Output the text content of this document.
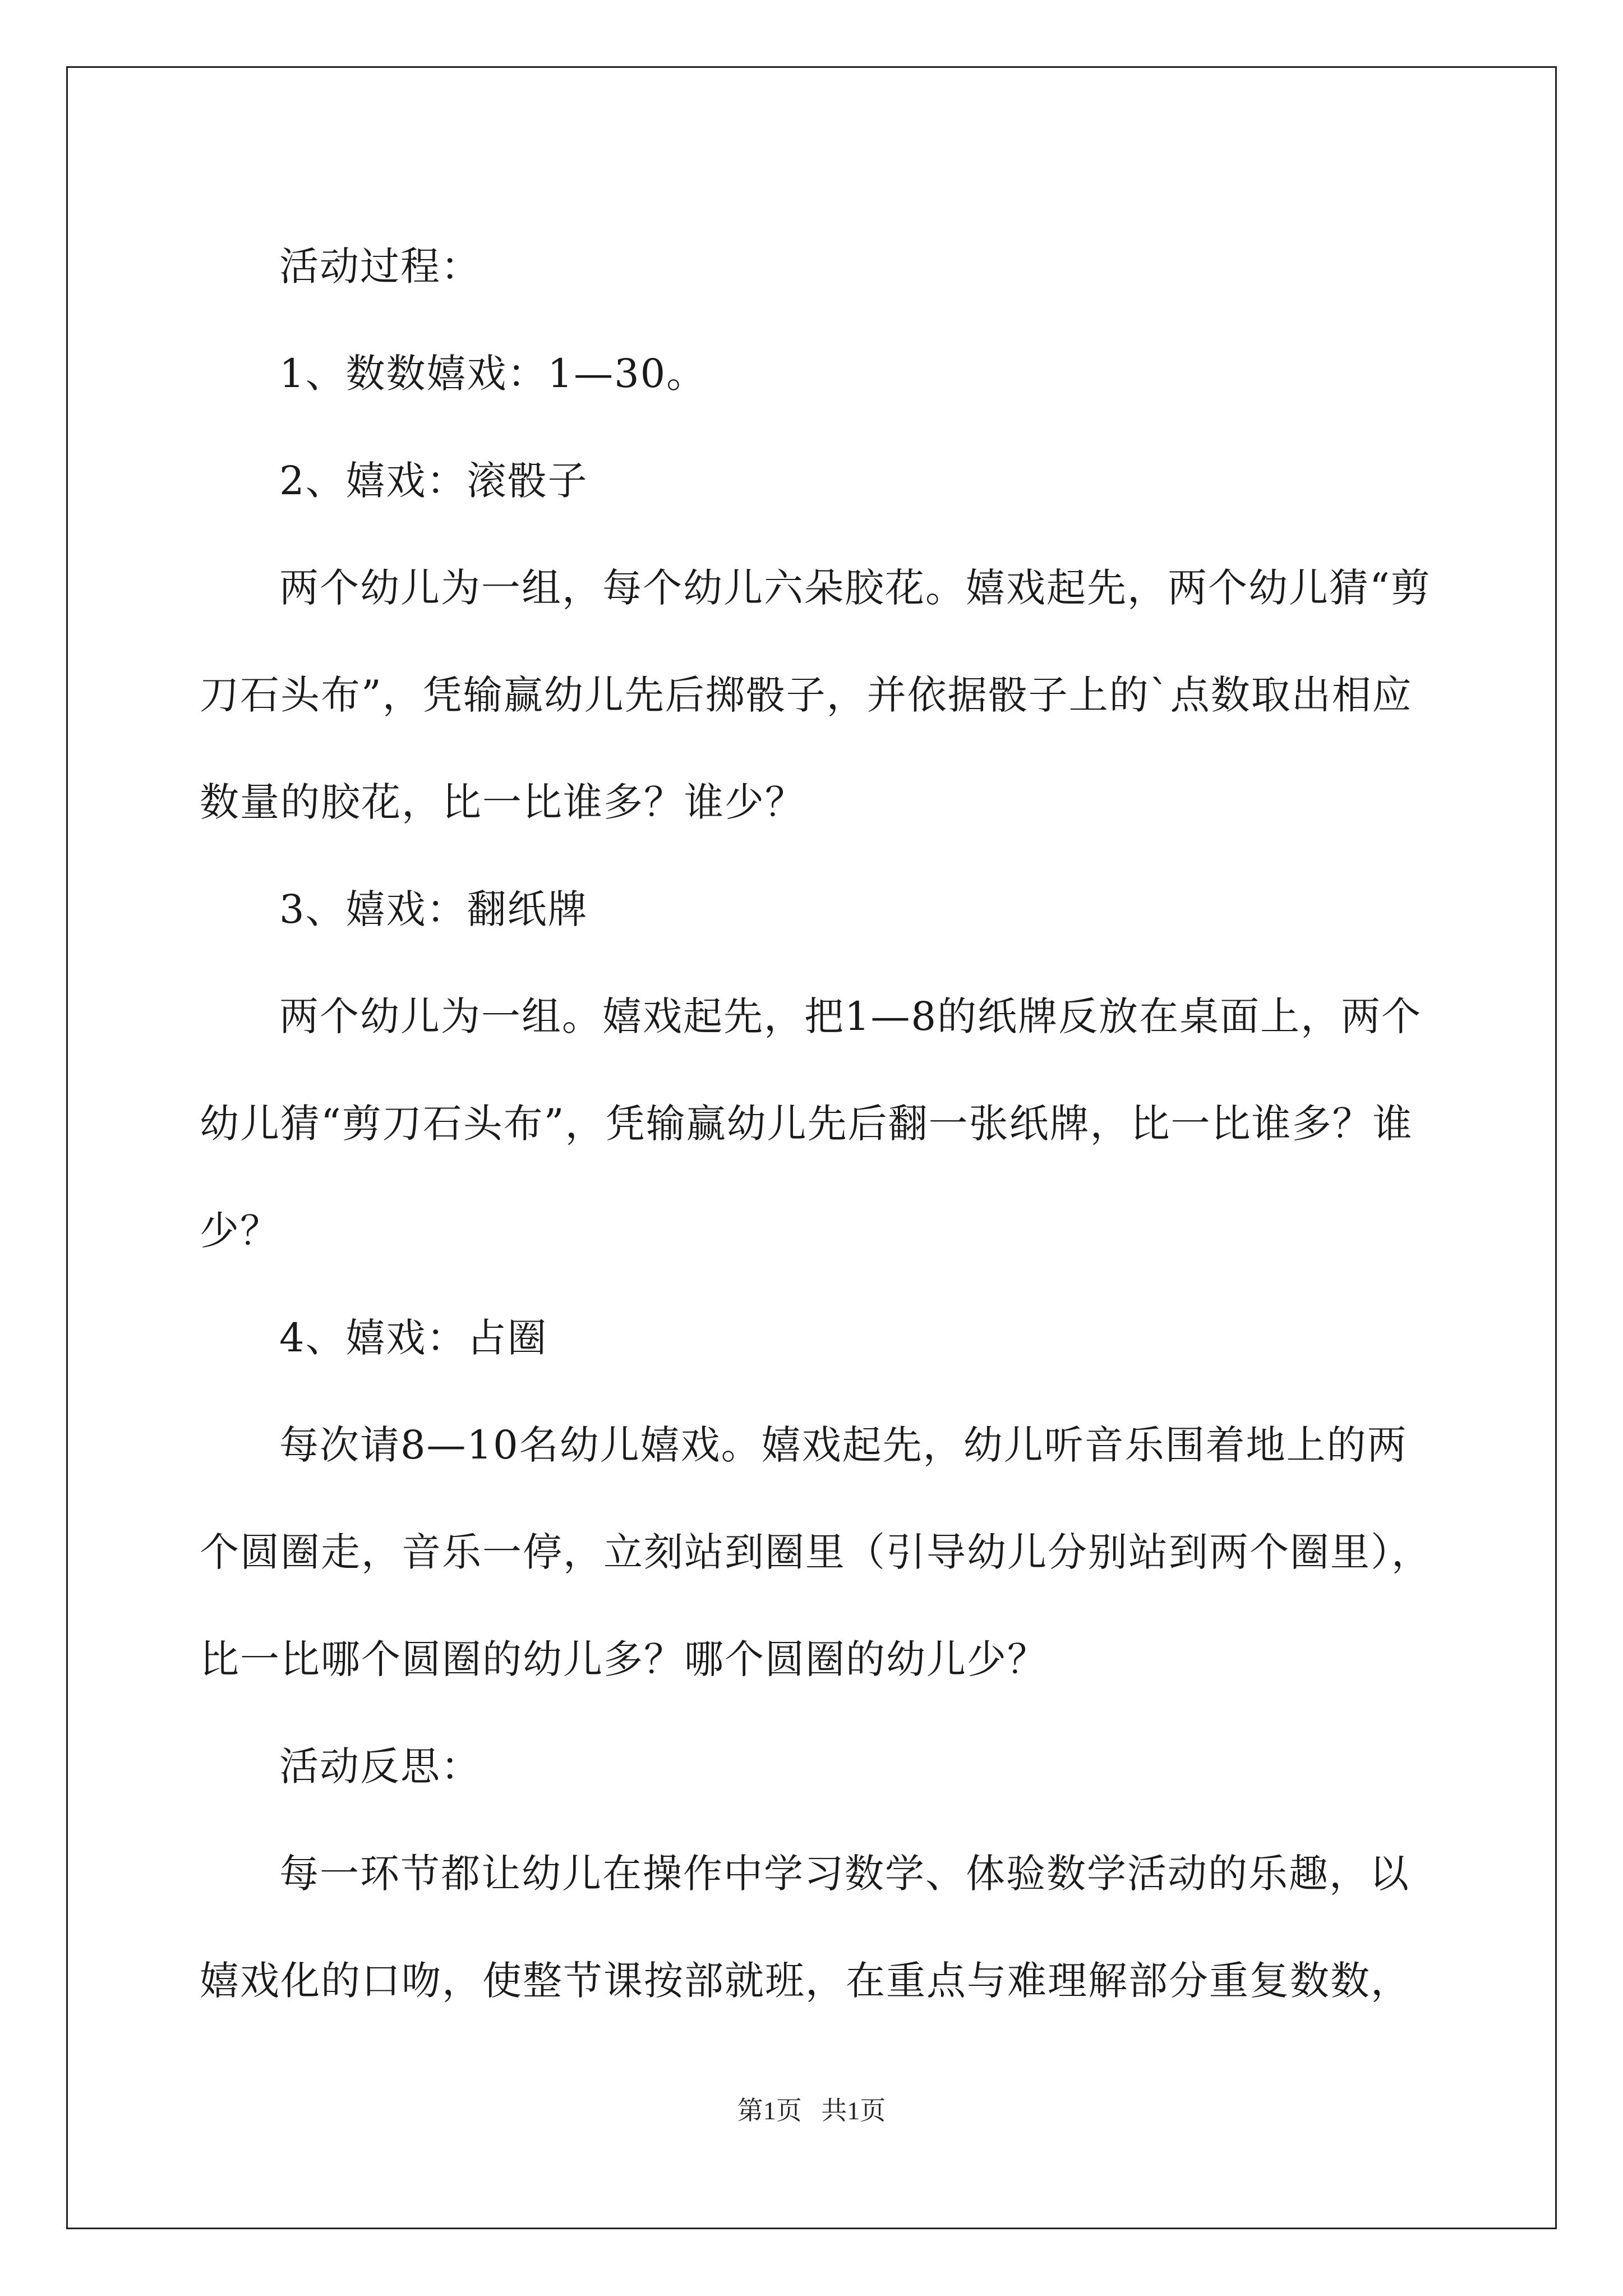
活动过程：

1、数数嬉戏：1—30。

2、嬉戏：滚骰子

两个幼儿为一组，每个幼儿六朵胶花。嬉戏起先，两个幼儿猜“剪刀石头布”，凭输赢幼儿先后掷骰子，并依据骰子上的`点数取出相应数量的胶花，比一比谁多？谁少？

3、嬉戏：翻纸牌

两个幼儿为一组。嬉戏起先，把1—8的纸牌反放在桌面上，两个幼儿猜“剪刀石头布”，凭输赢幼儿先后翻一张纸牌，比一比谁多？谁少？

4、嬉戏：占圈

每次请8—10名幼儿嬉戏。嬉戏起先，幼儿听音乐围着地上的两个圆圈走，音乐一停，立刻站到圈里（引导幼儿分别站到两个圈里），比一比哪个圆圈的幼儿多？哪个圆圈的幼儿少？

活动反思：

每一环节都让幼儿在操作中学习数学、体验数学活动的乐趣，以嬉戏化的口吻，使整节课按部就班，在重点与难理解部分重复数数，

第1页 共1页
